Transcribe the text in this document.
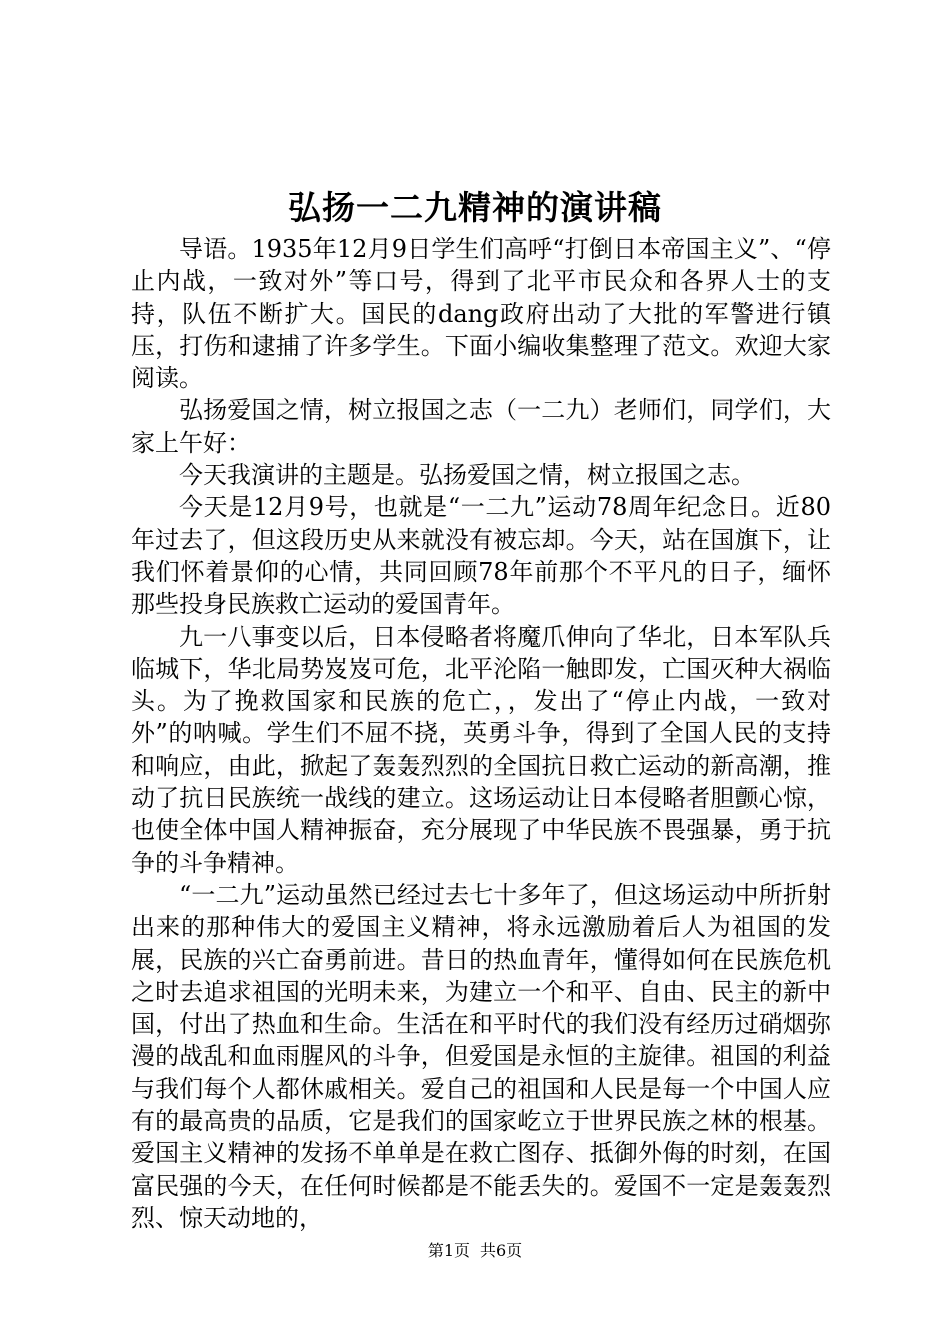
弘扬一二九精神的演讲稿

导语。1935年12月9日学生们高呼“打倒日本帝国主义”、“停止内战，一致对外”等口号，得到了北平市民众和各界人士的支持，队伍不断扩大。国民的dang政府出动了大批的军警进行镇压，打伤和逮捕了许多学生。下面小编收集整理了范文。欢迎大家阅读。

弘扬爱国之情，树立报国之志（一二九）老师们，同学们，大家上午好：

今天我演讲的主题是。弘扬爱国之情，树立报国之志。

今天是12月9号，也就是“一二九”运动78周年纪念日。近80年过去了，但这段历史从来就没有被忘却。今天，站在国旗下，让我们怀着景仰的心情，共同回顾78年前那个不平凡的日子，缅怀那些投身民族救亡运动的爱国青年。

九一八事变以后，日本侵略者将魔爪伸向了华北，日本军队兵临城下，华北局势岌岌可危，北平沦陷一触即发，亡国灭种大祸临头。为了挽救国家和民族的危亡，，发出了“停止内战，一致对外”的呐喊。学生们不屈不挠，英勇斗争，得到了全国人民的支持和响应，由此，掀起了轰轰烈烈的全国抗日救亡运动的新高潮，推动了抗日民族统一战线的建立。这场运动让日本侵略者胆颤心惊，也使全体中国人精神振奋，充分展现了中华民族不畏强暴，勇于抗争的斗争精神。

“一二九”运动虽然已经过去七十多年了，但这场运动中所折射出来的那种伟大的爱国主义精神，将永远激励着后人为祖国的发展，民族的兴亡奋勇前进。昔日的热血青年，懂得如何在民族危机之时去追求祖国的光明未来，为建立一个和平、自由、民主的新中国，付出了热血和生命。生活在和平时代的我们没有经历过硝烟弥漫的战乱和血雨腥风的斗争，但爱国是永恒的主旋律。祖国的利益与我们每个人都休戚相关。爱自己的祖国和人民是每一个中国人应有的最高贵的品质，它是我们的国家屹立于世界民族之林的根基。爱国主义精神的发扬不单单是在救亡图存、抵御外侮的时刻，在国富民强的今天，在任何时候都是不能丢失的。爱国不一定是轰轰烈烈、惊天动地的，

第1页 共6页
